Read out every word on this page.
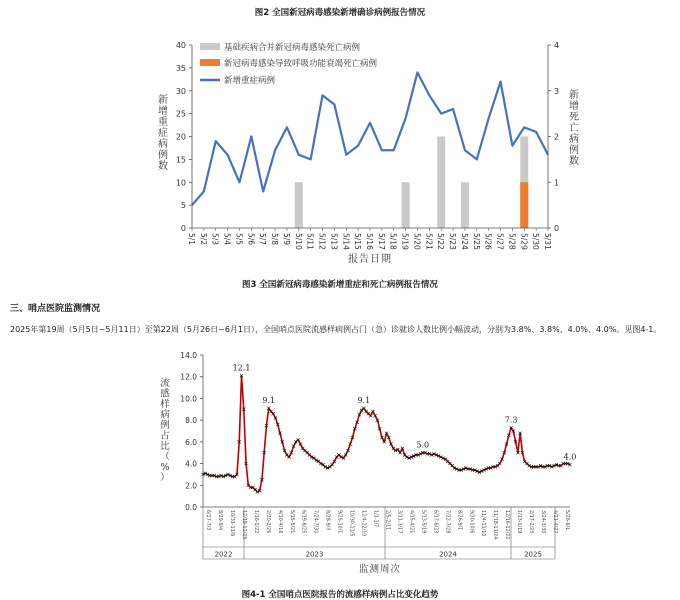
图2 全国新冠病毒感染新增确诊病例报告情况
0
5
10
15
20
25
30
35
40
0
1
2
3
4
5/1 5/2 5/3 5/4 5/5 5/6 5/7 5/8 5/9 5/10 5/11 5/12 5/13 5/14 5/15 5/16 5/17 5/18 5/19 5/20 5/21 5/22 5/23 5/24 5/25 5/26 5/27 5/28 5/29 5/30 5/31
新
增
重
症
病
例
数
新
增
死
亡
病
例
数
报告日期
基础疾病合并新冠病毒感染死亡病例
新冠病毒感染导致呼吸功能衰竭死亡病例
新增重症病例
图3 全国新冠病毒感染新增重症和死亡病例报告情况
三、哨点医院监测情况
2025年第19周（5月5日~5月11日）至第22周（5月26日~6月1日），全国哨点医院流感样病例占门（急）诊就诊人数比例小幅波动，分别为3.8%、3.8%、4.0%、4.0%。见图4-1。
0.0
2.0
4.0
6.0
8.0
10.0
12.0
14.0
流
感
样
病
例
占
比
（
%
）
6/27-7/3 8/29-9/4 10/31-11/6 12/19-12/25 1/16-1/22 2/20-2/26 4/10-4/16 5/15-5/21 6/19-6/25 7/24-7/30 8/28-9/3 9/25-10/1 10/30-11/5 12/4-12/10 1/1-1/7 2/5-2/11 3/11-3/17 4/15-4/21 5/13-5/19 6/17-6/23 7/22-7/28 8/26-9/1 9/30-10/6 11/4-11/10 11/18-11/24 12/16-12/22 1/13-1/19 2/17-2/23 3/24-3/30 4/21-4/27 5/26-6/1
2022	2023	2024	2025
监测周次
12.1
9.1	9.1
5.0
7.3
4.0
图4-1 全国哨点医院报告的流感样病例占比变化趋势
